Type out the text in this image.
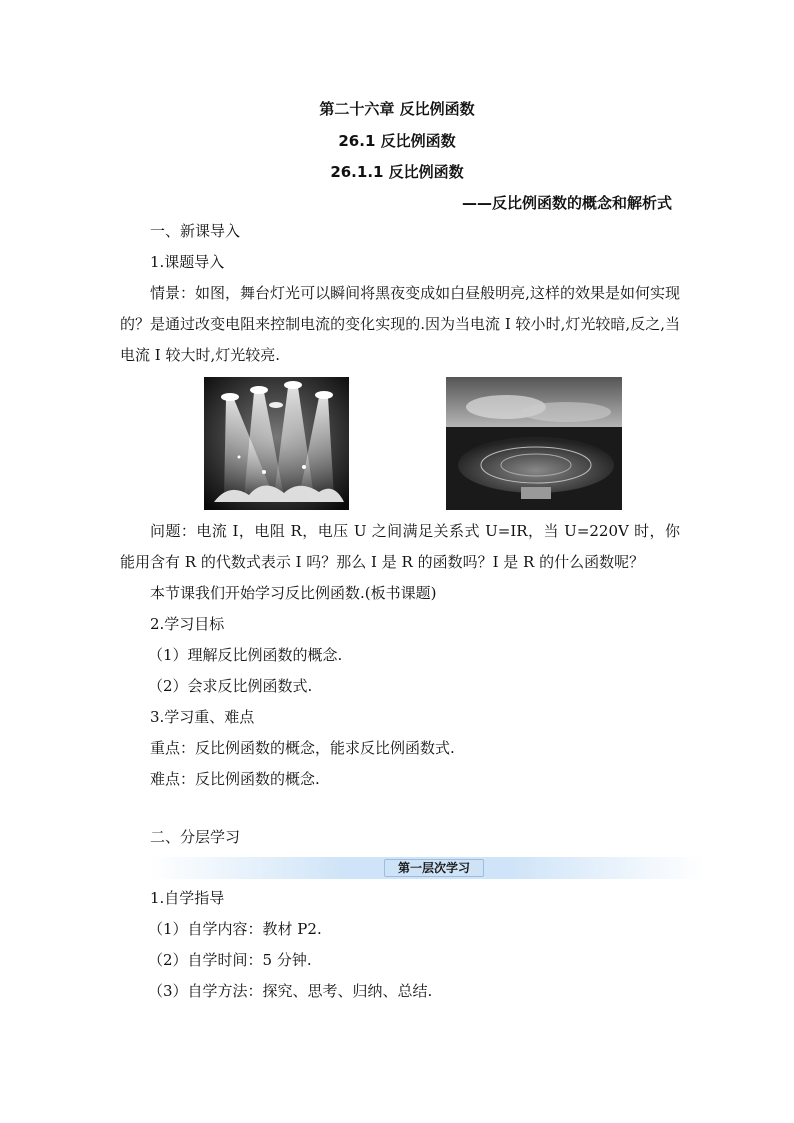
第二十六章 反比例函数
26.1 反比例函数
26.1.1 反比例函数
——反比例函数的概念和解析式
一、新课导入
1.课题导入
情景：如图，舞台灯光可以瞬间将黑夜变成如白昼般明亮,这样的效果是如何实现的？是通过改变电阻来控制电流的变化实现的.因为当电流 I 较小时,灯光较暗,反之,当电流 I 较大时,灯光较亮.
问题：电流 I，电阻 R，电压 U 之间满足关系式 U=IR，当 U=220V 时，你能用含有 R 的代数式表示 I 吗？那么 I 是 R 的函数吗？I 是 R 的什么函数呢？
本节课我们开始学习反比例函数.(板书课题)
2.学习目标
（1）理解反比例函数的概念.
（2）会求反比例函数式.
3.学习重、难点
重点：反比例函数的概念，能求反比例函数式.
难点：反比例函数的概念.
二、分层学习
第一层次学习
1.自学指导
（1）自学内容：教材 P2.
（2）自学时间：5 分钟.
（3）自学方法：探究、思考、归纳、总结.
